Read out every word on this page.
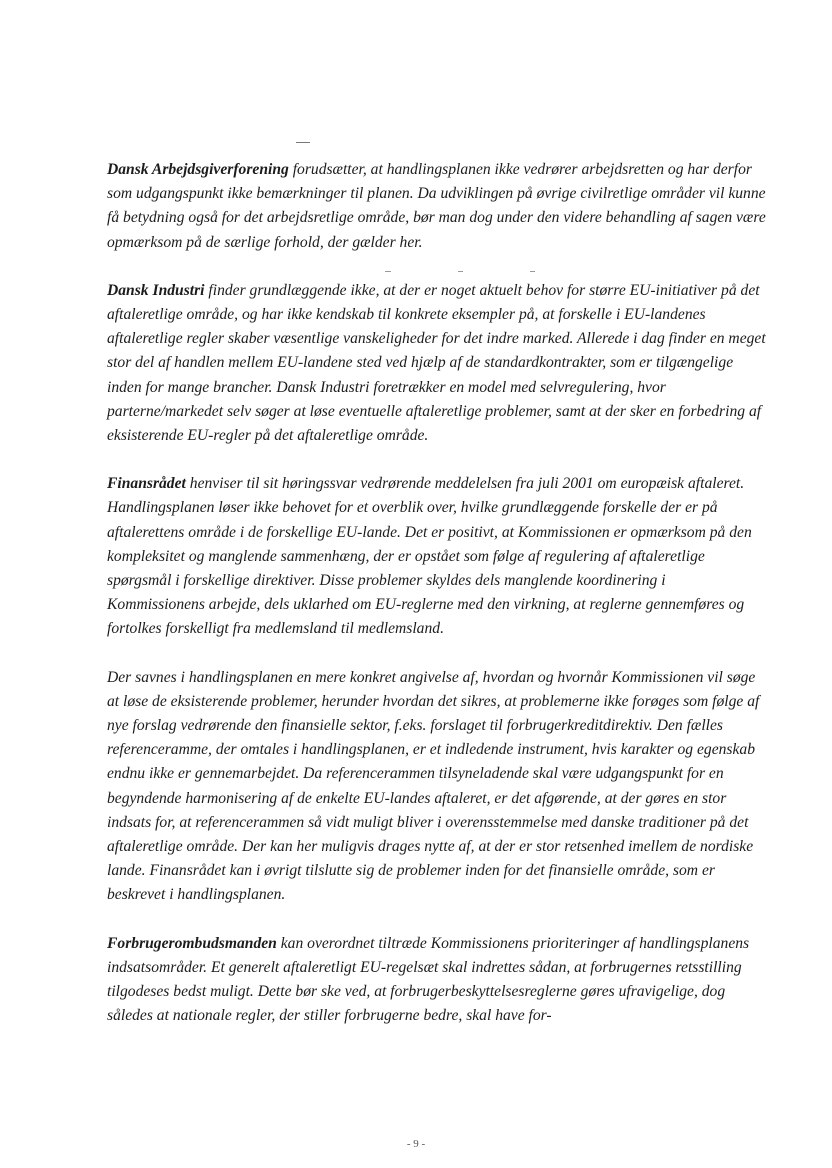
Dansk Arbejdsgiverforening forudsætter, at handlingsplanen ikke vedrører arbejdsretten og har derfor som udgangspunkt ikke bemærkninger til planen. Da udviklingen på øvrige civilretlige områder vil kunne få betydning også for det arbejdsretlige område, bør man dog under den videre behandling af sagen være opmærksom på de særlige forhold, der gælder her.

Dansk Industri finder grundlæggende ikke, at der er noget aktuelt behov for større EU-initiativer på det aftaleretlige område, og har ikke kendskab til konkrete eksempler på, at forskelle i EU-landenes aftaleretlige regler skaber væsentlige vanskeligheder for det indre marked. Allerede i dag finder en meget stor del af handlen mellem EU-landene sted ved hjælp af de standardkontrakter, som er tilgængelige inden for mange brancher. Dansk Industri foretrækker en model med selvregulering, hvor parterne/markedet selv søger at løse eventuelle aftaleretlige problemer, samt at der sker en forbedring af eksisterende EU-regler på det aftaleretlige område.

Finansrådet henviser til sit høringssvar vedrørende meddelelsen fra juli 2001 om europæisk aftaleret. Handlingsplanen løser ikke behovet for et overblik over, hvilke grundlæggende forskelle der er på aftalerettens område i de forskellige EU-lande. Det er positivt, at Kommissionen er opmærksom på den kompleksitet og manglende sammenhæng, der er opstået som følge af regulering af aftaleretlige spørgsmål i forskellige direktiver. Disse problemer skyldes dels manglende koordinering i Kommissionens arbejde, dels uklarhed om EU-reglerne med den virkning, at reglerne gennemføres og fortolkes forskelligt fra medlemsland til medlemsland.

Der savnes i handlingsplanen en mere konkret angivelse af, hvordan og hvornår Kommissionen vil søge at løse de eksisterende problemer, herunder hvordan det sikres, at problemerne ikke forøges som følge af nye forslag vedrørende den finansielle sektor, f.eks. forslaget til forbrugerkreditdirektiv. Den fælles referenceramme, der omtales i handlingsplanen, er et indledende instrument, hvis karakter og egenskab endnu ikke er gennemarbejdet. Da referencerammen tilsyneladende skal være udgangspunkt for en begyndende harmonisering af de enkelte EU-landes aftaleret, er det afgørende, at der gøres en stor indsats for, at referencerammen så vidt muligt bliver i overensstemmelse med danske traditioner på det aftaleretlige område. Der kan her muligvis drages nytte af, at der er stor retsenhed imellem de nordiske lande. Finansrådet kan i øvrigt tilslutte sig de problemer inden for det finansielle område, som er beskrevet i handlingsplanen.

Forbrugerombudsmanden kan overordnet tiltræde Kommissionens prioriteringer af handlingsplanens indsatsområder. Et generelt aftaleretligt EU-regelsæt skal indrettes sådan, at forbrugernes retsstilling tilgodeses bedst muligt. Dette bør ske ved, at forbrugerbeskyttelsesreglerne gøres ufravigelige, dog således at nationale regler, der stiller forbrugerne bedre, skal have for-

- 9 -
